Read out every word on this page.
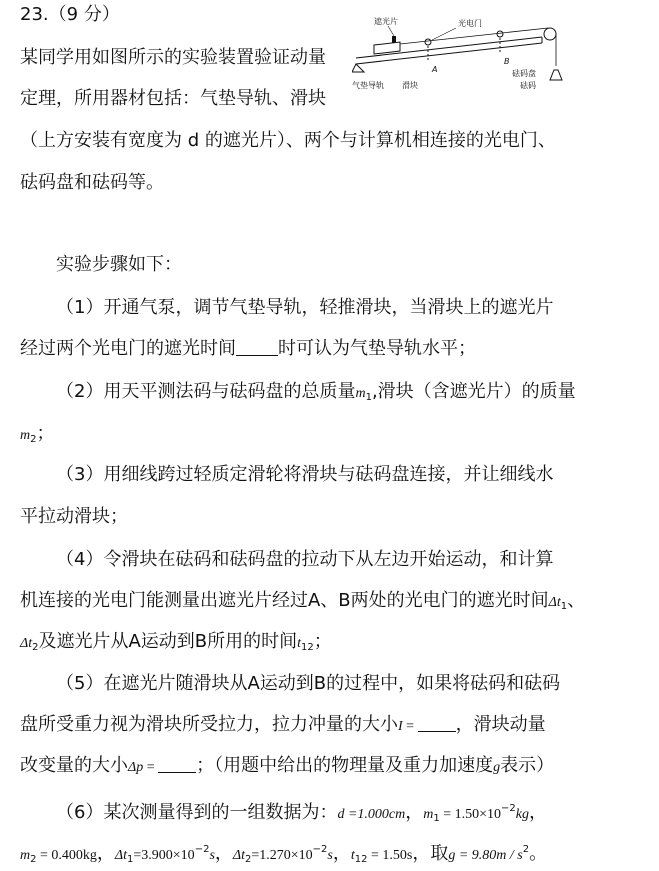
23.（9 分）
某同学用如图所示的实验装置验证动量
定理，所用器材包括：气垫导轨、滑块
（上方安装有宽度为 d 的遮光片）、两个与计算机相连接的光电门、
砝码盘和砝码等。
遮光片	光电门
气垫导轨 滑块
A
B
砝码盘
砝码
实验步骤如下：
（1）开通气泵，调节气垫导轨，轻推滑块，当滑块上的遮光片
经过两个光电门的遮光时间 时可认为气垫导轨水平；
（2）用天平测法码与砝码盘的总质量$m_1$,滑块（含遮光片）的质量
$m_2$；
（3）用细线跨过轻质定滑轮将滑块与砝码盘连接，并让细线水
平拉动滑块；
（4）令滑块在砝码和砝码盘的拉动下从左边开始运动，和计算
机连接的光电门能测量出遮光片经过A、B两处的光电门的遮光时间$\Delta t_1$、
$\Delta t_2$及遮光片从A运动到B所用的时间$t_{12}$；
（5）在遮光片随滑块从A运动到B的过程中，如果将砝码和砝码
盘所受重力视为滑块所受拉力，拉力冲量的大小I = ，滑块动量
改变量的大小Δp = ；（用题中给出的物理量及重力加速度g表示）
（6）某次测量得到的一组数据为：d =1.000cm，$m_1 = 1.50\times 10^{-2}kg$，
$m_2 = 0.400kg$，$\Delta t_1=3.900\times 10^{-2}s$，$\Delta t_2=1.270\times 10^{-2}s$，$t_{12} = 1.50s$，取$g = 9.80m / s^2$。
